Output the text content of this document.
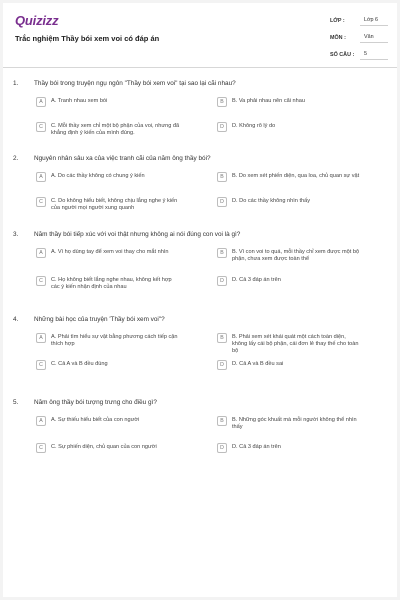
Quizizz
Trắc nghiệm Thầy bói xem voi có đáp án
LỚP :	Lớp 6
MÔN :	Văn
SỐ CÂU :	5
1. Thầy bói trong truyện ngụ ngôn "Thầy bói xem voi" tại sao lại cãi nhau?
A	A. Tranh nhau xem bói	B	B. Va phải nhau nên cãi nhau
C	C. Mỗi thầy xem chỉ một bộ phận của voi, nhưng đã
khẳng định ý kiến của mình đúng.
D	D. Không rõ lý do
2. Nguyên nhân sâu xa của việc tranh cãi của năm ông thầy bói?
A	A. Do các thầy không có chung ý kiến	B	B. Do xem xét phiến diện, qua loa, chủ quan sự vật
C	C. Do không hiểu biết, không chịu lắng nghe ý kiến
của người mọi người xung quanh
D	D. Do các thầy không nhìn thấy
3. Năm thầy bói tiếp xúc với voi thật nhưng không ai nói đúng con voi là gì?
A	A. Vì họ dùng tay để xem voi thay cho mắt nhìn	B	B. Vì con voi to quá, mỗi thầy chỉ xem được một bộ
phận, chưa xem được toàn thể
C	C. Họ không biết lắng nghe nhau, không kết hợp
các ý kiến nhận định của nhau
D	D. Cả 3 đáp án trên
4. Những bài học của truyện 'Thầy bói xem voi"?
A	A. Phải tìm hiểu sự vật bằng phương cách tiếp cận
thích hợp
B	B. Phải xem xét khái quát một cách toàn diện,
không lấy cái bộ phận, cái đơn lẻ thay thế cho toàn
bộ
C	C. Cả A và B đều đúng	D	D. Cả A và B đều sai
5. Năm ông thầy bói tượng trưng cho điều gì?
A	A. Sự thiếu hiểu biết của con người	B	B. Những góc khuất mà mỗi người không thể nhìn
thấy
C	C. Sự phiến diện, chủ quan của con người	D	D. Cả 3 đáp án trên
